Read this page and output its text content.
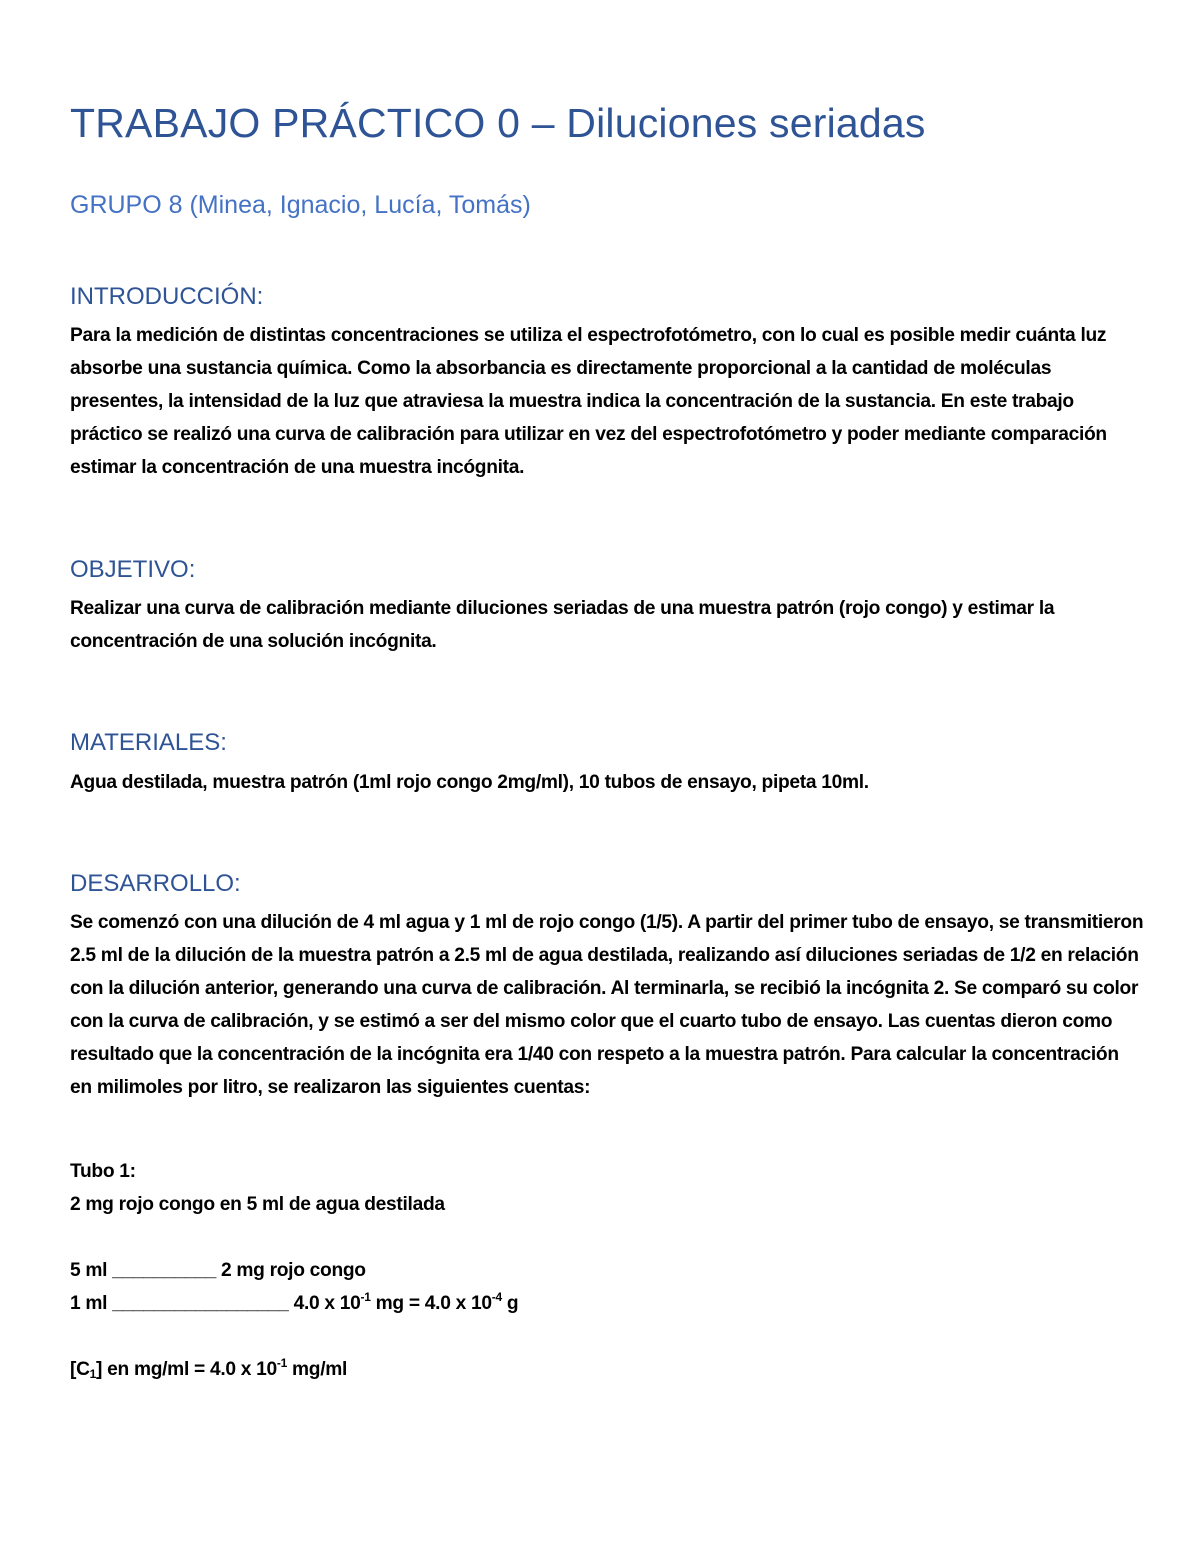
TRABAJO PRÁCTICO 0 – Diluciones seriadas
GRUPO 8 (Minea, Ignacio, Lucía, Tomás)
INTRODUCCIÓN:
Para la medición de distintas concentraciones se utiliza el espectrofotómetro, con lo cual es posible medir cuánta luz absorbe una sustancia química. Como la absorbancia es directamente proporcional a la cantidad de moléculas presentes, la intensidad de la luz que atraviesa la muestra indica la concentración de la sustancia. En este trabajo práctico se realizó una curva de calibración para utilizar en vez del espectrofotómetro y poder mediante comparación estimar la concentración de una muestra incógnita.
OBJETIVO:
Realizar una curva de calibración mediante diluciones seriadas de una muestra patrón (rojo congo) y estimar la concentración de una solución incógnita.
MATERIALES:
Agua destilada, muestra patrón (1ml rojo congo 2mg/ml), 10 tubos de ensayo, pipeta 10ml.
DESARROLLO:
Se comenzó con una dilución de 4 ml agua y 1 ml de rojo congo (1/5). A partir del primer tubo de ensayo, se transmitieron 2.5 ml de la dilución de la muestra patrón a 2.5 ml de agua destilada, realizando así diluciones seriadas de 1/2 en relación con la dilución anterior, generando una curva de calibración. Al terminarla, se recibió la incógnita 2. Se comparó su color con la curva de calibración, y se estimó a ser del mismo color que el cuarto tubo de ensayo. Las cuentas dieron como resultado que la concentración de la incógnita era 1/40 con respeto a la muestra patrón. Para calcular la concentración en milimoles por litro, se realizaron las siguientes cuentas:
Tubo 1:
2 mg rojo congo en 5 ml de agua destilada
5 ml __________ 2 mg rojo congo
1 ml _________________ 4.0 x $10^{-1}$ mg = 4.0 x $10^{-4}$ g
$[C_1]$ en mg/ml = 4.0 x $10^{-1}$ mg/ml
